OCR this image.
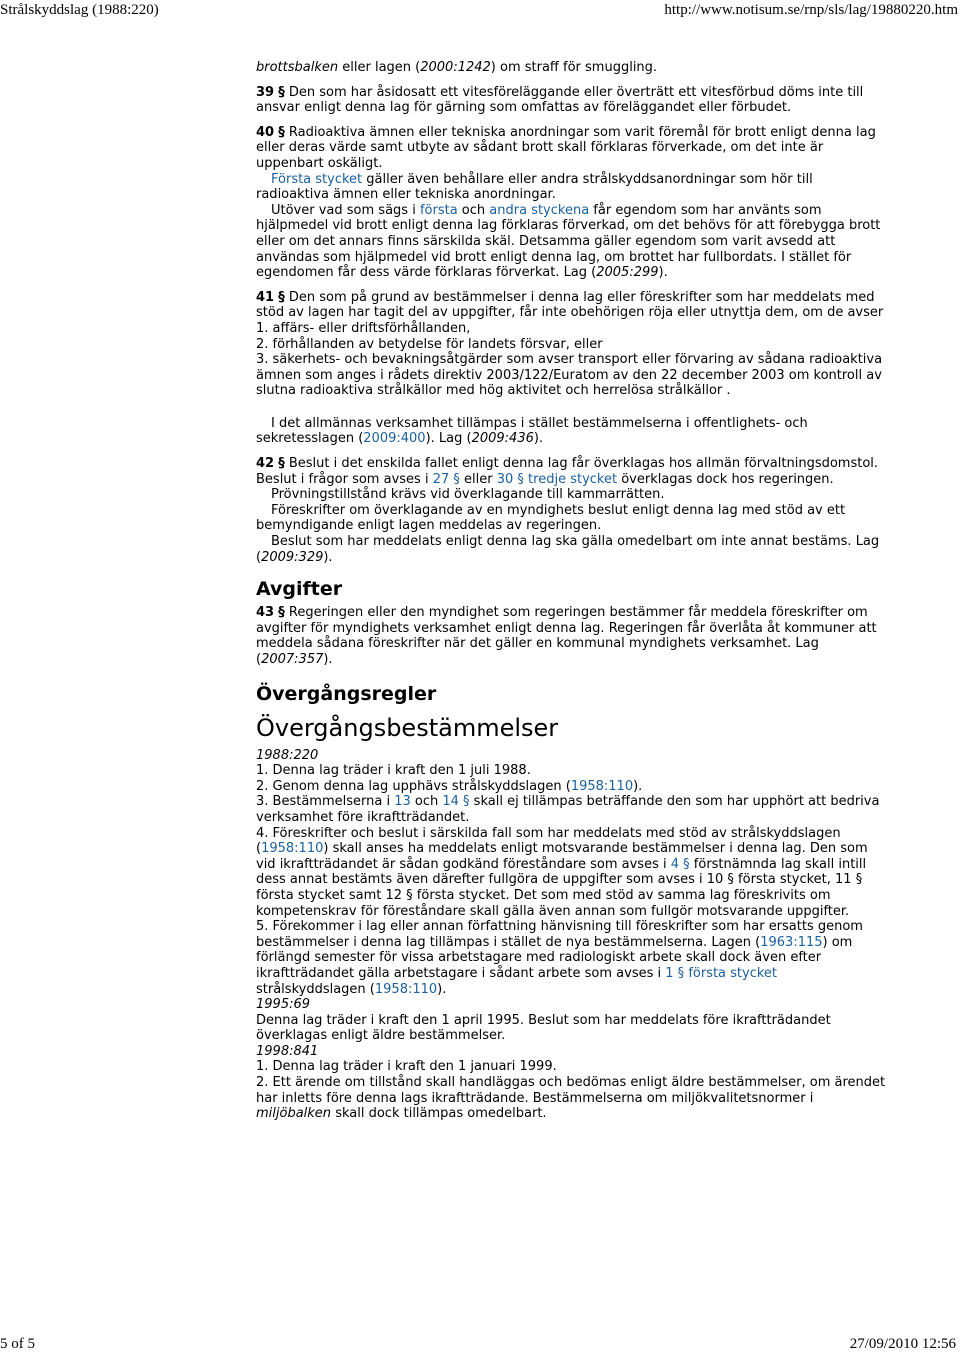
Strålskyddslag (1988:220)	http://www.notisum.se/rnp/sls/lag/19880220.htm

brottsbalken eller lagen (2000:1242) om straff för smuggling.

39 § Den som har åsidosatt ett vitesföreläggande eller överträtt ett vitesförbud döms inte till ansvar enligt denna lag för gärning som omfattas av föreläggandet eller förbudet.

40 § Radioaktiva ämnen eller tekniska anordningar som varit föremål för brott enligt denna lag eller deras värde samt utbyte av sådant brott skall förklaras förverkade, om det inte är uppenbart oskäligt.

Första stycket gäller även behållare eller andra strålskyddsanordningar som hör till radioaktiva ämnen eller tekniska anordningar.

Utöver vad som sägs i första och andra styckena får egendom som har använts som hjälpmedel vid brott enligt denna lag förklaras förverkad, om det behövs för att förebygga brott eller om det annars finns särskilda skäl. Detsamma gäller egendom som varit avsedd att användas som hjälpmedel vid brott enligt denna lag, om brottet har fullbordats. I stället för egendomen får dess värde förklaras förverkat. Lag (2005:299).

41 § Den som på grund av bestämmelser i denna lag eller föreskrifter som har meddelats med stöd av lagen har tagit del av uppgifter, får inte obehörigen röja eller utnyttja dem, om de avser

1. affärs- eller driftsförhållanden,

2. förhållanden av betydelse för landets försvar, eller

3. säkerhets- och bevakningsåtgärder som avser transport eller förvaring av sådana radioaktiva ämnen som anges i rådets direktiv 2003/122/Euratom av den 22 december 2003 om kontroll av slutna radioaktiva strålkällor med hög aktivitet och herrelösa strålkällor .

I det allmännas verksamhet tillämpas i stället bestämmelserna i offentlighets- och sekretesslagen (2009:400). Lag (2009:436).

42 § Beslut i det enskilda fallet enligt denna lag får överklagas hos allmän förvaltningsdomstol. Beslut i frågor som avses i 27 § eller 30 § tredje stycket överklagas dock hos regeringen.

Prövningstillstånd krävs vid överklagande till kammarrätten.

Föreskrifter om överklagande av en myndighets beslut enligt denna lag med stöd av ett bemyndigande enligt lagen meddelas av regeringen.

Beslut som har meddelats enligt denna lag ska gälla omedelbart om inte annat bestäms. Lag (2009:329).

Avgifter

43 § Regeringen eller den myndighet som regeringen bestämmer får meddela föreskrifter om avgifter för myndighets verksamhet enligt denna lag. Regeringen får överlåta åt kommuner att meddela sådana föreskrifter när det gäller en kommunal myndighets verksamhet. Lag (2007:357).

Övergångsregler
Övergångsbestämmelser

1988:220

1. Denna lag träder i kraft den 1 juli 1988.

2. Genom denna lag upphävs strålskyddslagen (1958:110).

3. Bestämmelserna i 13 och 14 § skall ej tillämpas beträffande den som har upphört att bedriva verksamhet före ikraftträdandet.

4. Föreskrifter och beslut i särskilda fall som har meddelats med stöd av strålskyddslagen (1958:110) skall anses ha meddelats enligt motsvarande bestämmelser i denna lag. Den som vid ikraftträdandet är sådan godkänd föreståndare som avses i 4 § förstnämnda lag skall intill dess annat bestämts även därefter fullgöra de uppgifter som avses i 10 § första stycket, 11 § första stycket samt 12 § första stycket. Det som med stöd av samma lag föreskrivits om kompetenskrav för föreståndare skall gälla även annan som fullgör motsvarande uppgifter.

5. Förekommer i lag eller annan författning hänvisning till föreskrifter som har ersatts genom bestämmelser i denna lag tillämpas i stället de nya bestämmelserna. Lagen (1963:115) om förlängd semester för vissa arbetstagare med radiologiskt arbete skall dock även efter ikraftträdandet gälla arbetstagare i sådant arbete som avses i 1 § första stycket strålskyddslagen (1958:110).

1995:69

Denna lag träder i kraft den 1 april 1995. Beslut som har meddelats före ikraftträdandet överklagas enligt äldre bestämmelser.

1998:841

1. Denna lag träder i kraft den 1 januari 1999.

2. Ett ärende om tillstånd skall handläggas och bedömas enligt äldre bestämmelser, om ärendet har inletts före denna lags ikraftträdande. Bestämmelserna om miljökvalitetsnormer i miljöbalken skall dock tillämpas omedelbart.

5 of 5	27/09/2010 12:56
